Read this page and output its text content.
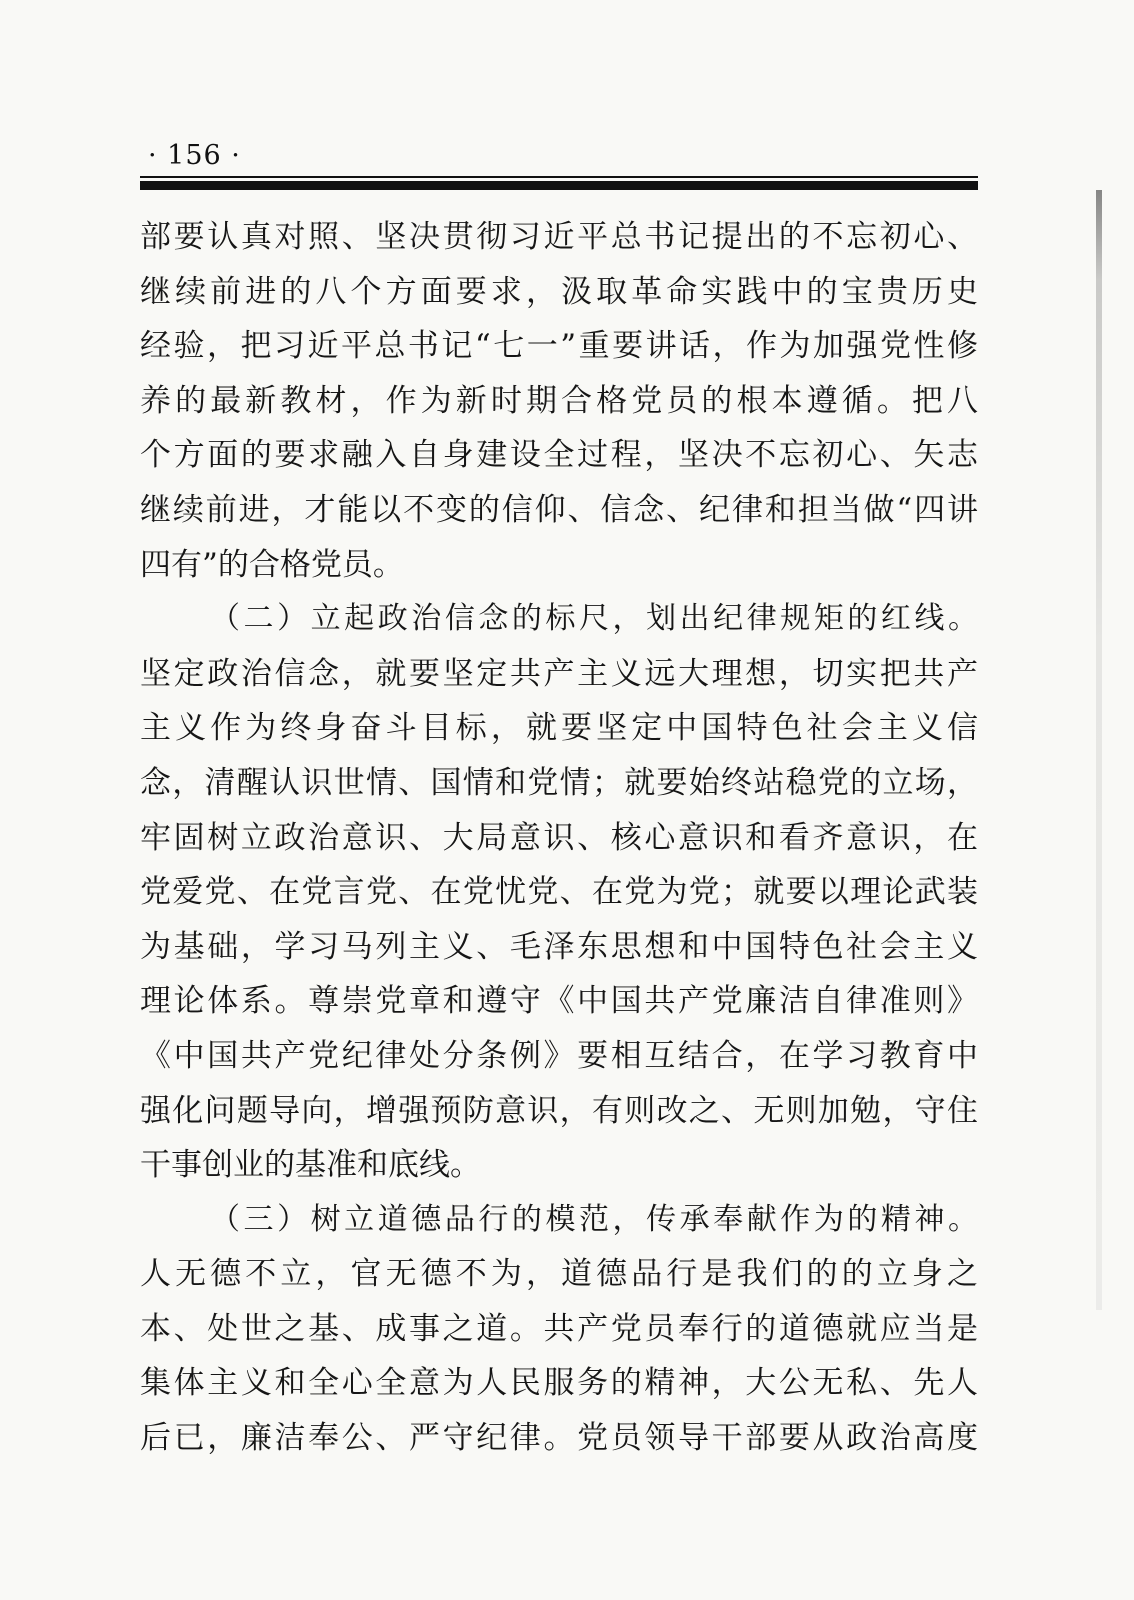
· 156 ·
部要认真对照、坚决贯彻习近平总书记提出的不忘初心、
继续前进的八个方面要求，汲取革命实践中的宝贵历史
经验，把习近平总书记“七一”重要讲话，作为加强党性修
养的最新教材，作为新时期合格党员的根本遵循。把八
个方面的要求融入自身建设全过程，坚决不忘初心、矢志
继续前进，才能以不变的信仰、信念、纪律和担当做“四讲
四有”的合格党员。
（二）立起政治信念的标尺，划出纪律规矩的红线。
坚定政治信念，就要坚定共产主义远大理想，切实把共产
主义作为终身奋斗目标，就要坚定中国特色社会主义信
念，清醒认识世情、国情和党情；就要始终站稳党的立场，
牢固树立政治意识、大局意识、核心意识和看齐意识，在
党爱党、在党言党、在党忧党、在党为党；就要以理论武装
为基础，学习马列主义、毛泽东思想和中国特色社会主义
理论体系。尊崇党章和遵守《中国共产党廉洁自律准则》
《中国共产党纪律处分条例》要相互结合，在学习教育中
强化问题导向，增强预防意识，有则改之、无则加勉，守住
干事创业的基准和底线。
（三）树立道德品行的模范，传承奉献作为的精神。
人无德不立，官无德不为，道德品行是我们的的立身之
本、处世之基、成事之道。共产党员奉行的道德就应当是
集体主义和全心全意为人民服务的精神，大公无私、先人
后已，廉洁奉公、严守纪律。党员领导干部要从政治高度
